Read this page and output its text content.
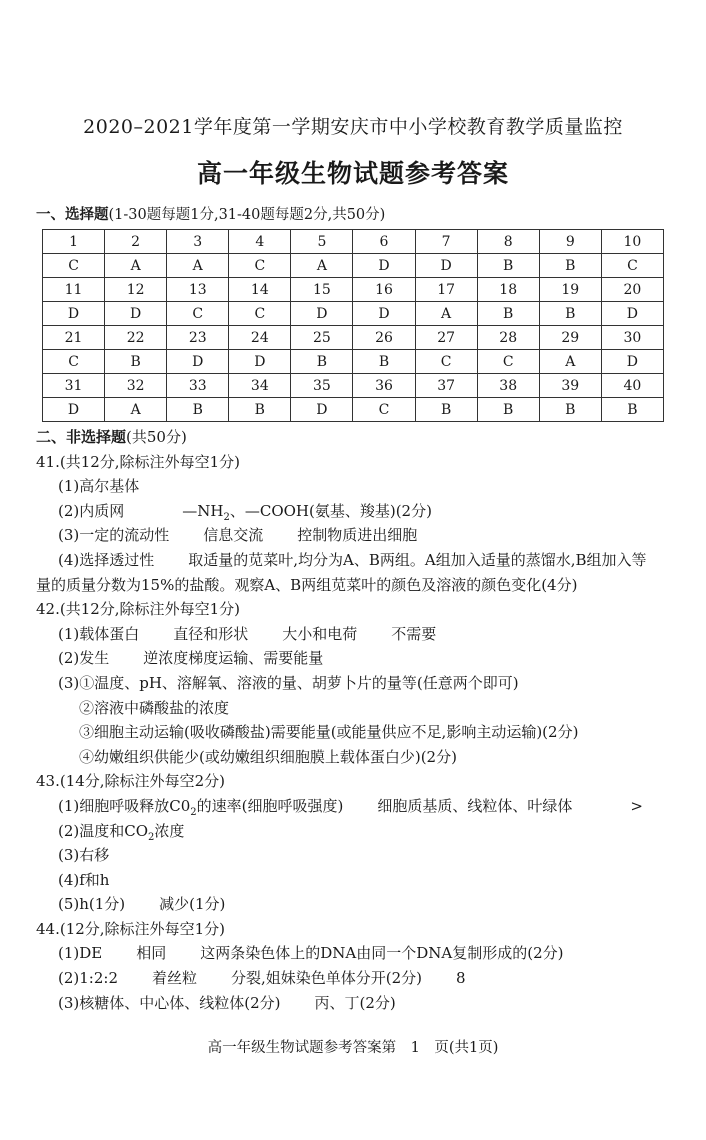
2020–2021学年度第一学期安庆市中小学校教育教学质量监控
高一年级生物试题参考答案
一、选择题(1-30题每题1分,31-40题每题2分,共50分)
1	2	3	4	5	6	7	8	9	10
C	A	A	C	A	D	D	B	B	C
11	12	13	14	15	16	17	18	19	20
D	D	C	C	D	D	A	B	B	D
21	22	23	24	25	26	27	28	29	30
C	B	D	D	B	B	C	C	A	D
31	32	33	34	35	36	37	38	39	40
D	A	B	B	D	C	B	B	B	B
二、非选择题(共50分)
41.(共12分,除标注外每空1分)
(1)高尔基体
(2)内质网	$—NH_2$、—COOH(氨基、羧基)(2分)
(3)一定的流动性 信息交流 控制物质进出细胞
(4)选择透过性 取适量的苋菜叶,均分为A、B两组。A组加入适量的蒸馏水,B组加入等
量的质量分数为15%的盐酸。观察A、B两组苋菜叶的颜色及溶液的颜色变化(4分)
42.(共12分,除标注外每空1分)
(1)载体蛋白 直径和形状 大小和电荷 不需要
(2)发生 逆浓度梯度运输、需要能量
(3)①温度、pH、溶解氧、溶液的量、胡萝卜片的量等(任意两个即可)
②溶液中磷酸盐的浓度
③细胞主动运输(吸收磷酸盐)需要能量(或能量供应不足,影响主动运输)(2分)
④幼嫩组织供能少(或幼嫩组织细胞膜上载体蛋白少)(2分)
43.(14分,除标注外每空2分)
(1)细胞呼吸释放$C0_2$的速率(细胞呼吸强度) 细胞质基质、线粒体、叶绿体	>
(2)温度和$CO_2$浓度
(3)右移
(4)f和h
(5)h(1分) 减少(1分)
44.(12分,除标注外每空1分)
(1)DE 相同 这两条染色体上的DNA由同一个DNA复制形成的(2分)
(2)1:2:2 着丝粒 分裂,姐妹染色单体分开(2分) 8
(3)核糖体、中心体、线粒体(2分) 丙、丁(2分)
高一年级生物试题参考答案第　1　页(共1页)
